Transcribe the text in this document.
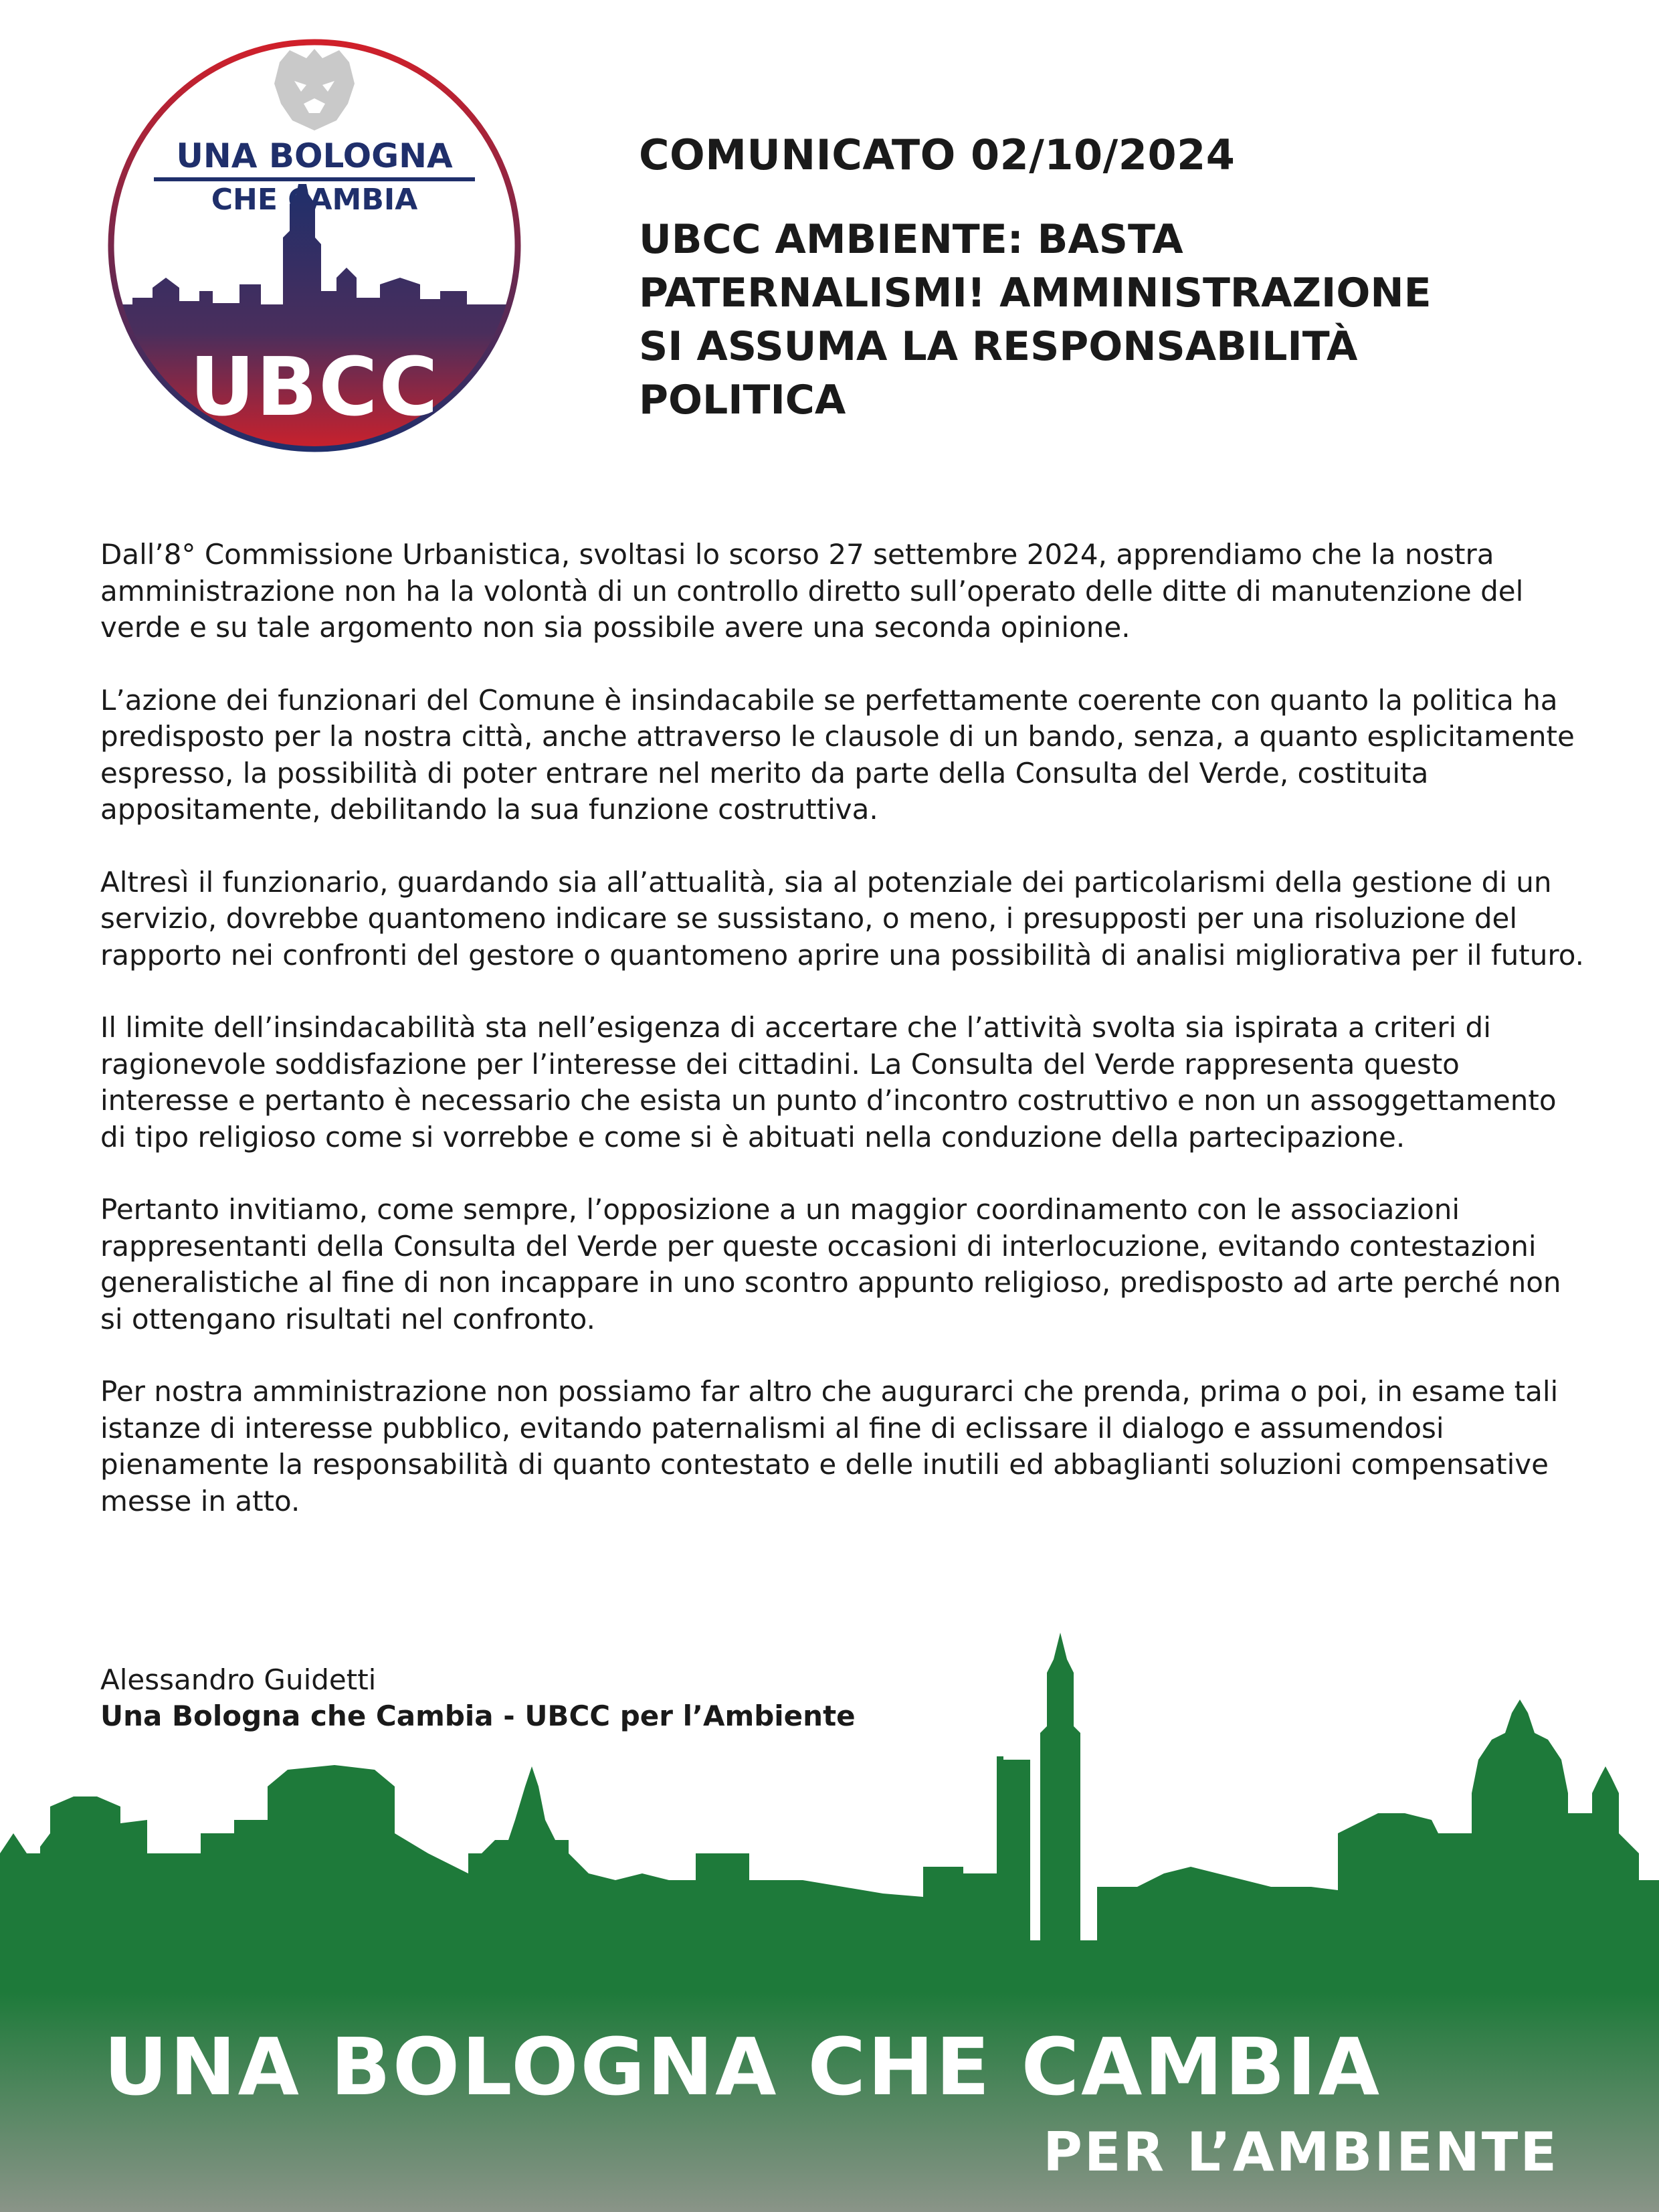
UNA BOLOGNA
CHE CAMBIA
UBCC
COMUNICATO 02/10/2024
UBCC AMBIENTE: BASTA
PATERNALISMI! AMMINISTRAZIONE
SI ASSUMA LA RESPONSABILITÀ
POLITICA

Dall’8° Commissione Urbanistica, svoltasi lo scorso 27 settembre 2024, apprendiamo che la nostra amministrazione non ha la volontà di un controllo diretto sull’operato delle ditte di manutenzione del verde e su tale argomento non sia possibile avere una seconda opinione.

L’azione dei funzionari del Comune è insindacabile se perfettamente coerente con quanto la politica ha predisposto per la nostra città, anche attraverso le clausole di un bando, senza, a quanto esplicitamente espresso, la possibilità di poter entrare nel merito da parte della Consulta del Verde, costituita appositamente, debilitando la sua funzione costruttiva.

Altresì il funzionario, guardando sia all’attualità, sia al potenziale dei particolarismi della gestione di un servizio, dovrebbe quantomeno indicare se sussistano, o meno, i presupposti per una risoluzione del rapporto nei confronti del gestore o quantomeno aprire una possibilità di analisi migliorativa per il futuro.

Il limite dell’insindacabilità sta nell’esigenza di accertare che l’attività svolta sia ispirata a criteri di ragionevole soddisfazione per l’interesse dei cittadini. La Consulta del Verde rappresenta questo interesse e pertanto è necessario che esista un punto d’incontro costruttivo e non un assoggettamento di tipo religioso come si vorrebbe e come si è abituati nella conduzione della partecipazione.

Pertanto invitiamo, come sempre, l’opposizione a un maggior coordinamento con le associazioni rappresentanti della Consulta del Verde per queste occasioni di interlocuzione, evitando contestazioni generalistiche al fine di non incappare in uno scontro appunto religioso, predisposto ad arte perché non si ottengano risultati nel confronto.

Per nostra amministrazione non possiamo far altro che augurarci che prenda, prima o poi, in esame tali istanze di interesse pubblico, evitando paternalismi al fine di eclissare il dialogo e assumendosi pienamente la responsabilità di quanto contestato e delle inutili ed abbaglianti soluzioni compensative messe in atto.

Alessandro Guidetti
Una Bologna che Cambia - UBCC per l’Ambiente
UNA BOLOGNA CHE CAMBIA
PER L’AMBIENTE
